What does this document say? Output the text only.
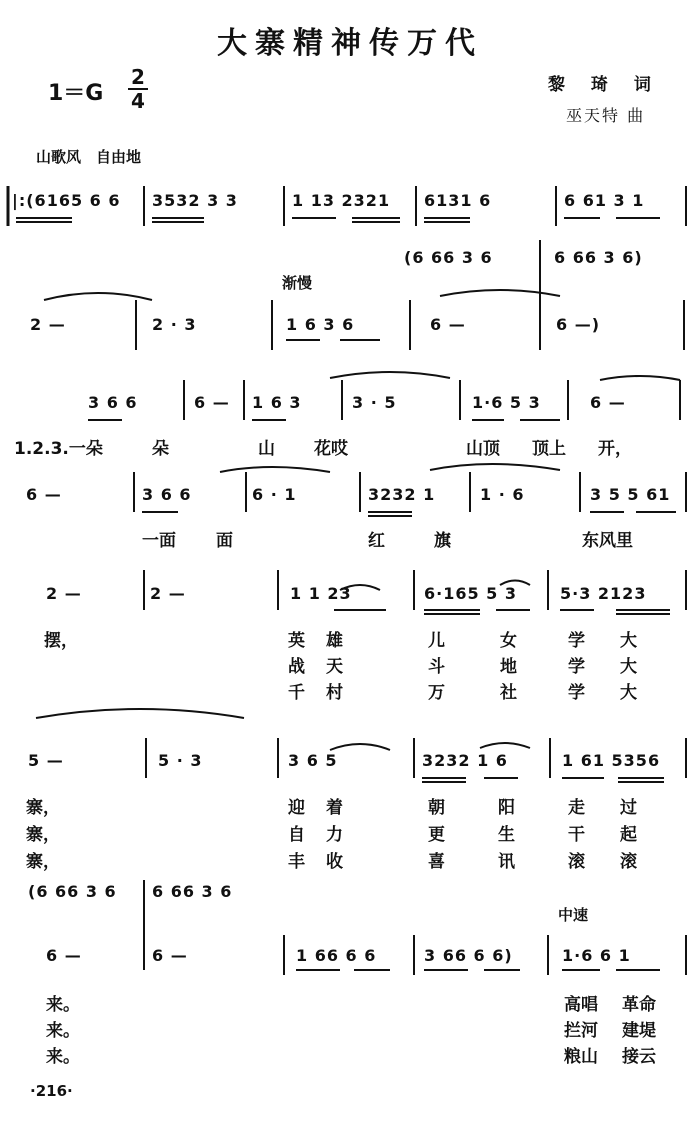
大寨精神传万代
1＝G
2
4
黎 琦 词
巫天特 曲
山歌风　自由地
渐慢
中速
·216·
|:(6165 6 6 3532 3 3	1 13 2321 6131 6	6 61 3 1
(6 66 3 6	6 66 3 6)
2 —	2 · 3	1 6 3 6	6 —	6 —)
3 6 6	6 — 1 6 3	3 · 5	1·6 5 3	6 —
1.2.3.一朵	朵	山 花哎	山顶 顶上 开，
6 —	3 6 6	6 · 1	3232 1	1 · 6	3 5 5 61
一面 面	红	旗	东风里
2 —	2 —	1 1 23	6·165 5 3	5·3 2123
摆，	英 雄	儿	女	学 大
战 天	斗	地	学 大
千 村	万	社	学 大
5 —	5 · 3	3 6 5	3232 1 6	1 61 5356
寨，	迎 着	朝	阳	走 过
寨，	自 力	更	生	干 起
寨，	丰 收	喜	讯	滚 滚
(6 66 3 6 6 66 3 6
6 —	6 —	1 66 6 6	3 66 6 6)	1·6 6 1
来。	高唱 革命
来。	拦河 建堤
来。	粮山 接云
